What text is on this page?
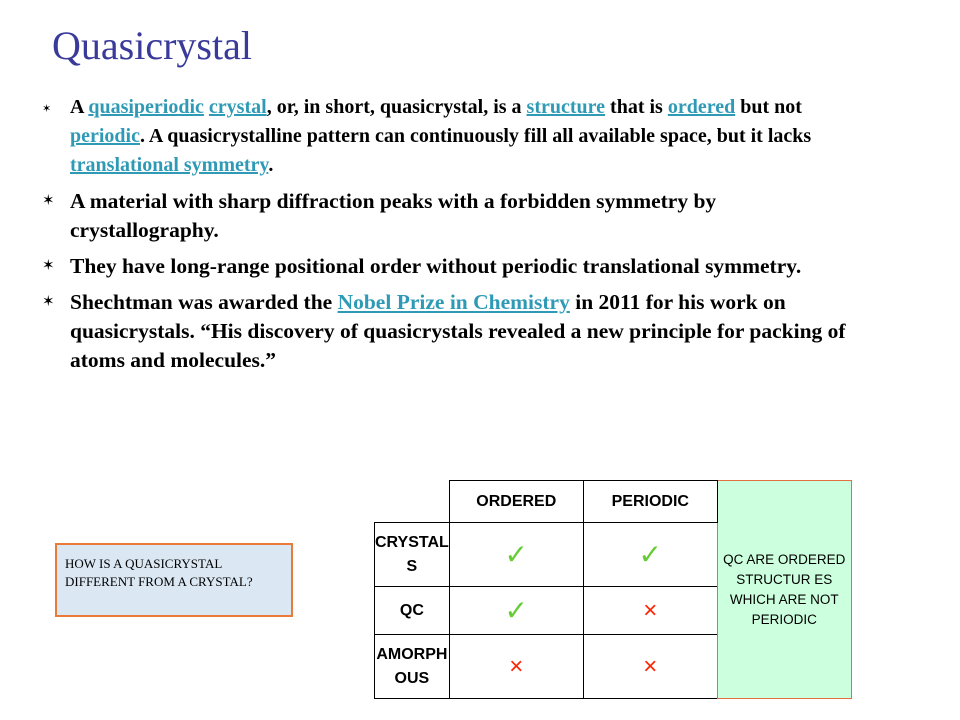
Quasicrystal
✶ A quasiperiodic crystal, or, in short, quasicrystal, is a structure that is ordered but not periodic. A quasicrystalline pattern can continuously fill all available space, but it lacks translational symmetry.
✶ A material with sharp diffraction peaks with a forbidden symmetry by crystallography.
✶ They have long-range positional order without periodic translational symmetry.
✶ Shechtman was awarded the Nobel Prize in Chemistry in 2011 for his work on quasicrystals. “His discovery of quasicrystals revealed a new principle for packing of atoms and molecules.”
HOW IS A QUASICRYSTAL DIFFERENT FROM A CRYSTAL?
	ORDERED	PERIODIC	QC ARE ORDERED STRUCTUR ES WHICH ARE NOT PERIODIC
CRYSTAL
S	✓	✓	
QC	✓	×	
AMORPH
OUS	×	×	
